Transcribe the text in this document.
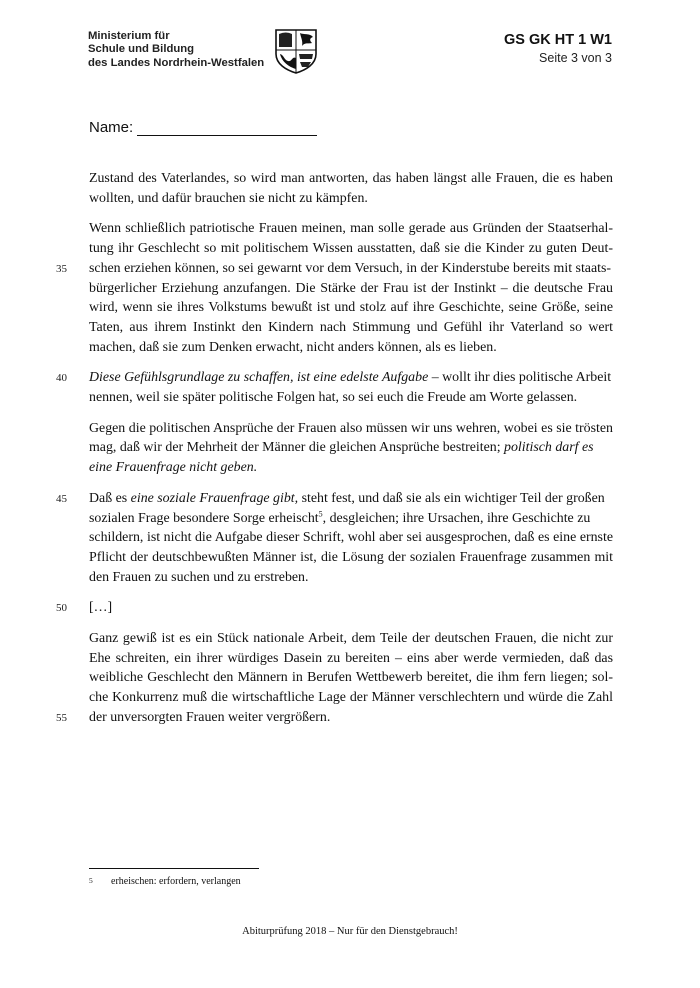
Ministerium für
Schule und Bildung
des Landes Nordrhein-Westfalen
GS GK HT 1 W1
Seite 3 von 3
Name:
Zustand des Vaterlandes, so wird man antworten, das haben längst alle Frauen, die es haben
wollten, und dafür brauchen sie nicht zu kämpfen.
Wenn schließlich patriotische Frauen meinen, man solle gerade aus Gründen der Staatserhal-
tung ihr Geschlecht so mit politischem Wissen ausstatten, daß sie die Kinder zu guten Deut-
35	schen erziehen können, so sei gewarnt vor dem Versuch, in der Kinderstube bereits mit staats-
bürgerlicher Erziehung anzufangen. Die Stärke der Frau ist der Instinkt – die deutsche Frau
wird, wenn sie ihres Volkstums bewußt ist und stolz auf ihre Geschichte, seine Größe, seine
Taten, aus ihrem Instinkt den Kindern nach Stimmung und Gefühl ihr Vaterland so wert
machen, daß sie zum Denken erwacht, nicht anders können, als es lieben.
40	Diese Gefühlsgrundlage zu schaffen, ist eine edelste Aufgabe – wollt ihr dies politische Arbeit
nennen, weil sie später politische Folgen hat, so sei euch die Freude am Worte gelassen.
Gegen die politischen Ansprüche der Frauen also müssen wir uns wehren, wobei es sie trösten
mag, daß wir der Mehrheit der Männer die gleichen Ansprüche bestreiten; politisch darf es
eine Frauenfrage nicht geben.
45	Daß es eine soziale Frauenfrage gibt, steht fest, und daß sie als ein wichtiger Teil der großen
sozialen Frage besondere Sorge erheischt$^5$, desgleichen; ihre Ursachen, ihre Geschichte zu
schildern, ist nicht die Aufgabe dieser Schrift, wohl aber sei ausgesprochen, daß es eine ernste
Pflicht der deutschbewußten Männer ist, die Lösung der sozialen Frauenfrage zusammen mit
den Frauen zu suchen und zu erstreben.
50	[…]
Ganz gewiß ist es ein Stück nationale Arbeit, dem Teile der deutschen Frauen, die nicht zur
Ehe schreiten, ein ihrer würdiges Dasein zu bereiten – eins aber werde vermieden, daß das
weibliche Geschlecht den Männern in Berufen Wettbewerb bereitet, die ihm fern liegen; sol-
che Konkurrenz muß die wirtschaftliche Lage der Männer verschlechtern und würde die Zahl
55	der unversorgten Frauen weiter vergrößern.
5 erheischen: erfordern, verlangen
Abiturprüfung 2018 – Nur für den Dienstgebrauch!
